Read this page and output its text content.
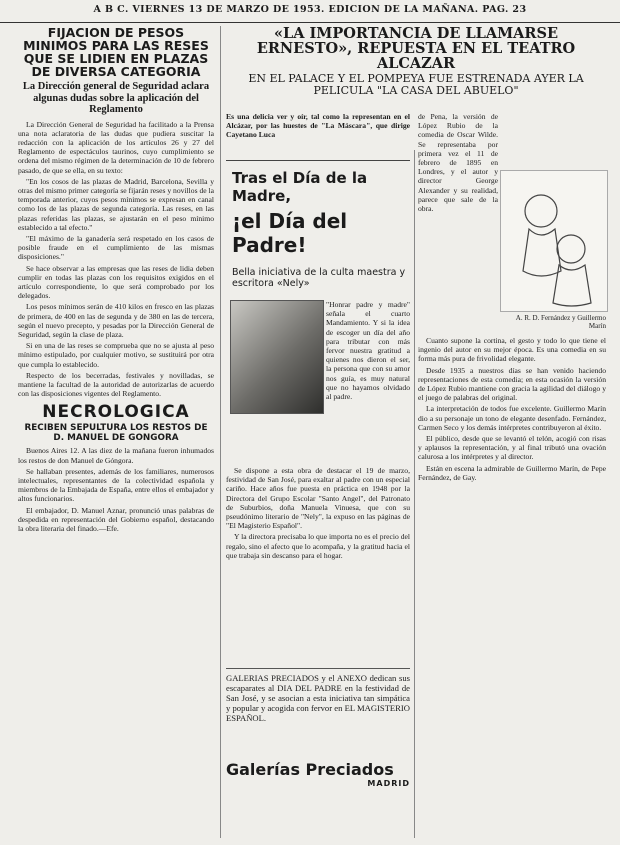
A B C. VIERNES 13 DE MARZO DE 1953. EDICION DE LA MAÑANA. PAG. 23
FIJACION DE PESOS MINIMOS PARA LAS RESES QUE SE LIDIEN EN PLAZAS DE DIVERSA CATEGORIA
La Dirección general de Seguridad aclara algunas dudas sobre la aplicación del Reglamento

La Dirección General de Seguridad ha facilitado a la Prensa una nota aclaratoria de las dudas que pudiera suscitar la redacción con la aplicación de los artículos 26 y 27 del Reglamento de espectáculos taurinos, cuyo cumplimiento se ordena del mismo régimen de la determinación de 10 de febrero pasado, de que se ella, en su texto:

"En los cosos de las plazas de Madrid, Barcelona, Sevilla y otras del mismo primer categoría se fijarán reses y novillos de la temporada anterior, cuyos pesos mínimos se expresan en canal como los de las plazas de segunda categoría. Las reses, en las plazas referidas las plazas, se ajustarán en el peso mínimo establecido a tal efecto."

"El máximo de la ganadería será respetado en los casos de posible fraude en el cumplimiento de las mismas disposiciones."

Se hace observar a las empresas que las reses de lidia deben cumplir en todas las plazas con los requisitos exigidos en el artículo correspondiente, lo que será comprobado por los delegados.

Los pesos mínimos serán de 410 kilos en fresco en las plazas de primera, de 400 en las de segunda y de 380 en las de tercera, según el nuevo precepto, y pesadas por la Dirección General de Seguridad, según la clase de plaza.

Si en una de las reses se comprueba que no se ajusta al peso mínimo estipulado, por cualquier motivo, se sustituirá por otra que cumpla lo establecido.

Respecto de los becerradas, festivales y novilladas, se mantiene la facultad de la autoridad de autorizarlas de acuerdo con las disposiciones vigentes del Reglamento.

NECROLOGICA
RECIBEN SEPULTURA LOS RESTOS DE D. MANUEL DE GONGORA

Buenos Aires 12. A las diez de la mañana fueron inhumados los restos de don Manuel de Góngora.

Se hallaban presentes, además de los familiares, numerosos intelectuales, representantes de la colectividad española y miembros de la Embajada de España, entre ellos el embajador y altos funcionarios.

El embajador, D. Manuel Aznar, pronunció unas palabras de despedida en representación del Gobierno español, destacando la obra literaria del finado.—Efe.

«LA IMPORTANCIA DE LLAMARSE ERNESTO», REPUESTA EN EL TEATRO ALCAZAR
EN EL PALACE Y EL POMPEYA FUE ESTRENADA AYER LA PELICULA "LA CASA DEL ABUELO"

Es una delicia ver y oír, tal como la representan en el Alcázar, por las huestes de "La Máscara", que dirige Cayetano Luca

Tras el Día de la Madre,
¡el Día del Padre!
Bella iniciativa de la culta maestra y escritora «Nely»

"Honrar padre y madre" señala el cuarto Mandamiento. Y si la idea de escoger un día del año para tributar con más fervor nuestra gratitud a quienes nos dieron el ser, la persona que con su amor nos guía, es muy natural que no hayamos olvidado al padre.

Se dispone a esta obra de destacar el 19 de marzo, festividad de San José, para exaltar al padre con un especial cariño. Hace años fue puesta en práctica en 1948 por la Directora del Grupo Escolar "Santo Angel", del Patronato de Suburbios, doña Manuela Vinuesa, que con su pseudónimo literario de "Nely", la expuso en las páginas de "El Magisterio Español".

Y la directora precisaba lo que importa no es el precio del regalo, sino el afecto que lo acompaña, y la gratitud hacia el que trabaja sin descanso para el hogar.

GALERIAS PRECIADOS y el ANEXO dedican sus escaparates al DIA DEL PADRE en la festividad de San José, y se asocian a esta iniciativa tan simpática y popular y acogida con fervor en EL MAGISTERIO ESPAÑOL.

Galerías Preciados
MADRID

de Pena, la versión de López Rubio de la comedia de Oscar Wilde. Se representaba por primera vez el 11 de febrero de 1895 en Londres, y el autor y director George Alexander y su realidad, parece que sale de la obra.

A. R. D. Fernández y Guillermo Marín

Cuanto supone la cortina, el gesto y todo lo que tiene el ingenio del autor en su mejor época. Es una comedia en su forma más pura de frivolidad elegante.

Desde 1935 a nuestros días se han venido haciendo representaciones de esta comedia; en esta ocasión la versión de López Rubio mantiene con gracia la agilidad del diálogo y el juego de palabras del original.

La interpretación de todos fue excelente. Guillermo Marín dio a su personaje un tono de elegante desenfado. Fernández, Carmen Seco y los demás intérpretes contribuyeron al éxito.

El público, desde que se levantó el telón, acogió con risas y aplausos la representación, y al final tributó una ovación calurosa a los intérpretes y al director.

Están en escena la admirable de Guillermo Marín, de Pepe Fernández, de Gay.
